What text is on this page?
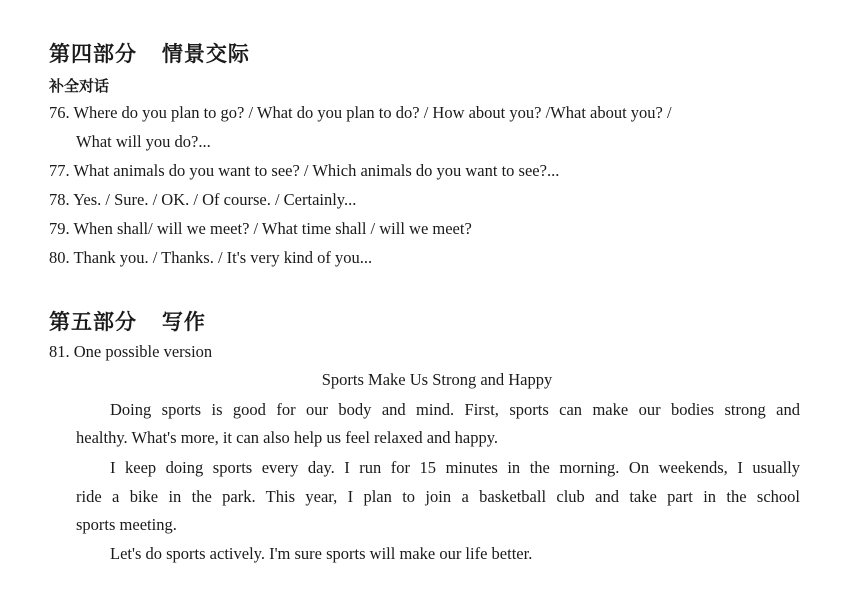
第四部分   情景交际
补全对话
76. Where do you plan to go? / What do you plan to do? / How about you? /What about you? /
What will you do?...
77. What animals do you want to see? / Which animals do you want to see?...
78. Yes. / Sure. / OK. / Of course. / Certainly...
79. When shall/ will we meet? / What time shall / will we meet?
80. Thank you. / Thanks. / It's very kind of you...
第五部分   写作
81. One possible version
Sports Make Us Strong and Happy
Doing sports is good for our body and mind. First, sports can make our bodies strong and
healthy. What's more, it can also help us feel relaxed and happy.
I keep doing sports every day. I run for 15 minutes in the morning. On weekends, I usually
ride a bike in the park. This year, I plan to join a basketball club and take part in the school
sports meeting.
Let's do sports actively. I'm sure sports will make our life better.
